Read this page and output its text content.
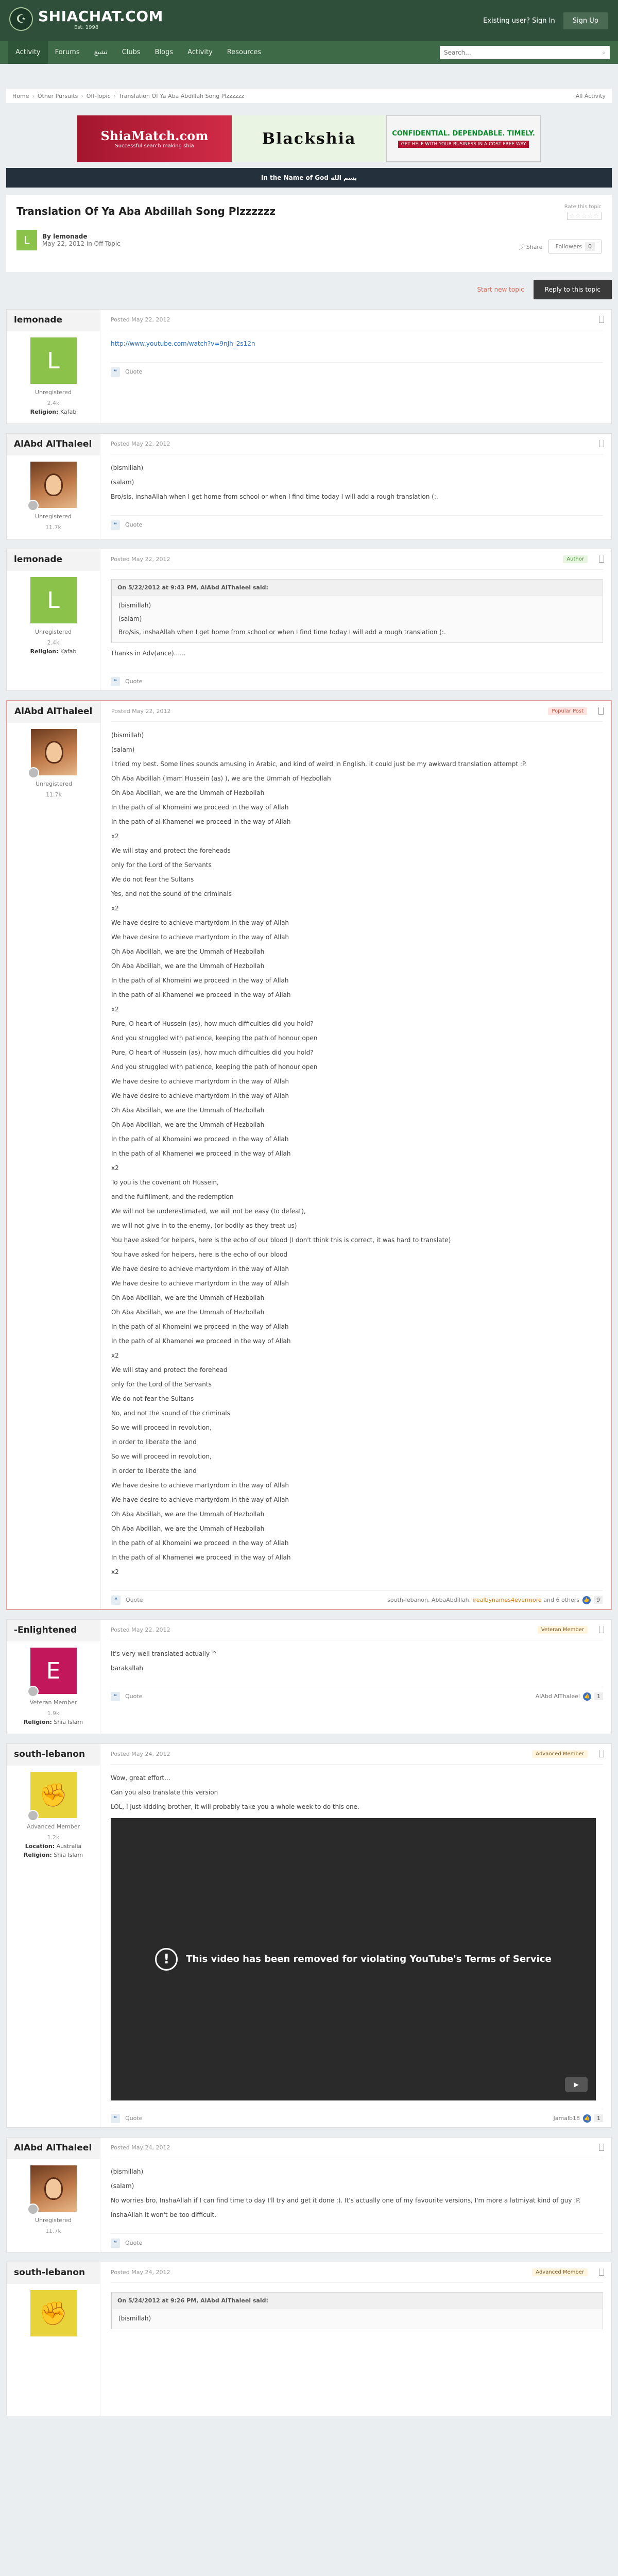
☪ SHIACHAT.COM
Est. 1998
Existing user? Sign In	Sign Up
Activity	Forums	تشیع	Clubs	Blogs	Activity	Resources
Search...	⌕
Home › Other Pursuits › Off-Topic › Translation Of Ya Aba Abdillah Song Plzzzzzz	All Activity
ShiaMatch.com
Successful search making shia	Blackshia	CONFIDENTIAL. DEPENDABLE. TIMELY.
GET HELP WITH YOUR BUSINESS IN A COST FREE WAY
In the Name of God بسم الله
Translation Of Ya Aba Abdillah Song Plzzzzzz	Rate this topic
☆☆☆☆☆
L	By lemonade
May 22, 2012 in Off-Topic	⤴ Share	Followers 0
Start new topic	Reply to this topic
lemonade
L
Unregistered
2.4k
Religion: Kafab
Posted May 22, 2012

http://www.youtube.com/watch?v=9nJh_2s12n

❝	Quote
AlAbd AlThaleel
Unregistered
11.7k
Posted May 22, 2012

(bismillah)

(salam)

Bro/sis, inshaAllah when I get home from school or when I find time today I will add a rough translation (:.

❝	Quote
lemonade
L
Unregistered
2.4k
Religion: Kafab
Posted May 22, 2012	Author
On 5/22/2012 at 9:43 PM, AlAbd AlThaleel said:

(bismillah)

(salam)

Bro/sis, inshaAllah when I get home from school or when I find time today I will add a rough translation (:.

Thanks in Adv(ance)......

❝	Quote
AlAbd AlThaleel
Unregistered
11.7k
Posted May 22, 2012	Popular Post

(bismillah)

(salam)

I tried my best. Some lines sounds amusing in Arabic, and kind of weird in English. It could just be my awkward translation attempt :P.

Oh Aba Abdillah (Imam Hussein (as) ), we are the Ummah of Hezbollah

Oh Aba Abdillah, we are the Ummah of Hezbollah

In the path of al Khomeini we proceed in the way of Allah

In the path of al Khamenei we proceed in the way of Allah

x2

We will stay and protect the foreheads

only for the Lord of the Servants

We do not fear the Sultans

Yes, and not the sound of the criminals

x2

We have desire to achieve martyrdom in the way of Allah

We have desire to achieve martyrdom in the way of Allah

Oh Aba Abdillah, we are the Ummah of Hezbollah

Oh Aba Abdillah, we are the Ummah of Hezbollah

In the path of al Khomeini we proceed in the way of Allah

In the path of al Khamenei we proceed in the way of Allah

x2

Pure, O heart of Hussein (as), how much difficulties did you hold?

And you struggled with patience, keeping the path of honour open

Pure, O heart of Hussein (as), how much difficulties did you hold?

And you struggled with patience, keeping the path of honour open

We have desire to achieve martyrdom in the way of Allah

We have desire to achieve martyrdom in the way of Allah

Oh Aba Abdillah, we are the Ummah of Hezbollah

Oh Aba Abdillah, we are the Ummah of Hezbollah

In the path of al Khomeini we proceed in the way of Allah

In the path of al Khamenei we proceed in the way of Allah

x2

To you is the covenant oh Hussein,

and the fulfillment, and the redemption

We will not be underestimated, we will not be easy (to defeat),

we will not give in to the enemy, (or bodily as they treat us)

You have asked for helpers, here is the echo of our blood (I don't think this is correct, it was hard to translate)

You have asked for helpers, here is the echo of our blood

We have desire to achieve martyrdom in the way of Allah

We have desire to achieve martyrdom in the way of Allah

Oh Aba Abdillah, we are the Ummah of Hezbollah

Oh Aba Abdillah, we are the Ummah of Hezbollah

In the path of al Khomeini we proceed in the way of Allah

In the path of al Khamenei we proceed in the way of Allah

x2

We will stay and protect the forehead

only for the Lord of the Servants

We do not fear the Sultans

No, and not the sound of the criminals

So we will proceed in revolution,

in order to liberate the land

So we will proceed in revolution,

in order to liberate the land

We have desire to achieve martyrdom in the way of Allah

We have desire to achieve martyrdom in the way of Allah

Oh Aba Abdillah, we are the Ummah of Hezbollah

Oh Aba Abdillah, we are the Ummah of Hezbollah

In the path of al Khomeini we proceed in the way of Allah

In the path of al Khamenei we proceed in the way of Allah

x2

❝	Quote	south-lebanon, AbbaAbdillah, irealbynames4evermore and 6 others 👍	9
-Enlightened
E
Veteran Member
1.9k
Religion: Shia Islam
Posted May 22, 2012	Veteran Member

It's very well translated actually ^

barakallah

❝	Quote	AlAbd AlThaleel 👍	1
south-lebanon
✊
Advanced Member
1.2k
Location: Australia
Religion: Shia Islam
Posted May 24, 2012	Advanced Member

Wow, great effort...

Can you also translate this version

LOL, I just kidding brother, it will probably take you a whole week to do this one.

!	This video has been removed for violating YouTube's Terms of Service
▶
❝	Quote	Jamalb18 👍	1
AlAbd AlThaleel
Unregistered
11.7k
Posted May 24, 2012

(bismillah)

(salam)

No worries bro, InshaAllah if I can find time to day I'll try and get it done :). It's actually one of my favourite versions, I'm more a latmiyat kind of guy :P.

InshaAllah it won't be too difficult.

❝	Quote
south-lebanon
✊
Posted May 24, 2012	Advanced Member
On 5/24/2012 at 9:26 PM, AlAbd AlThaleel said:

(bismillah)
